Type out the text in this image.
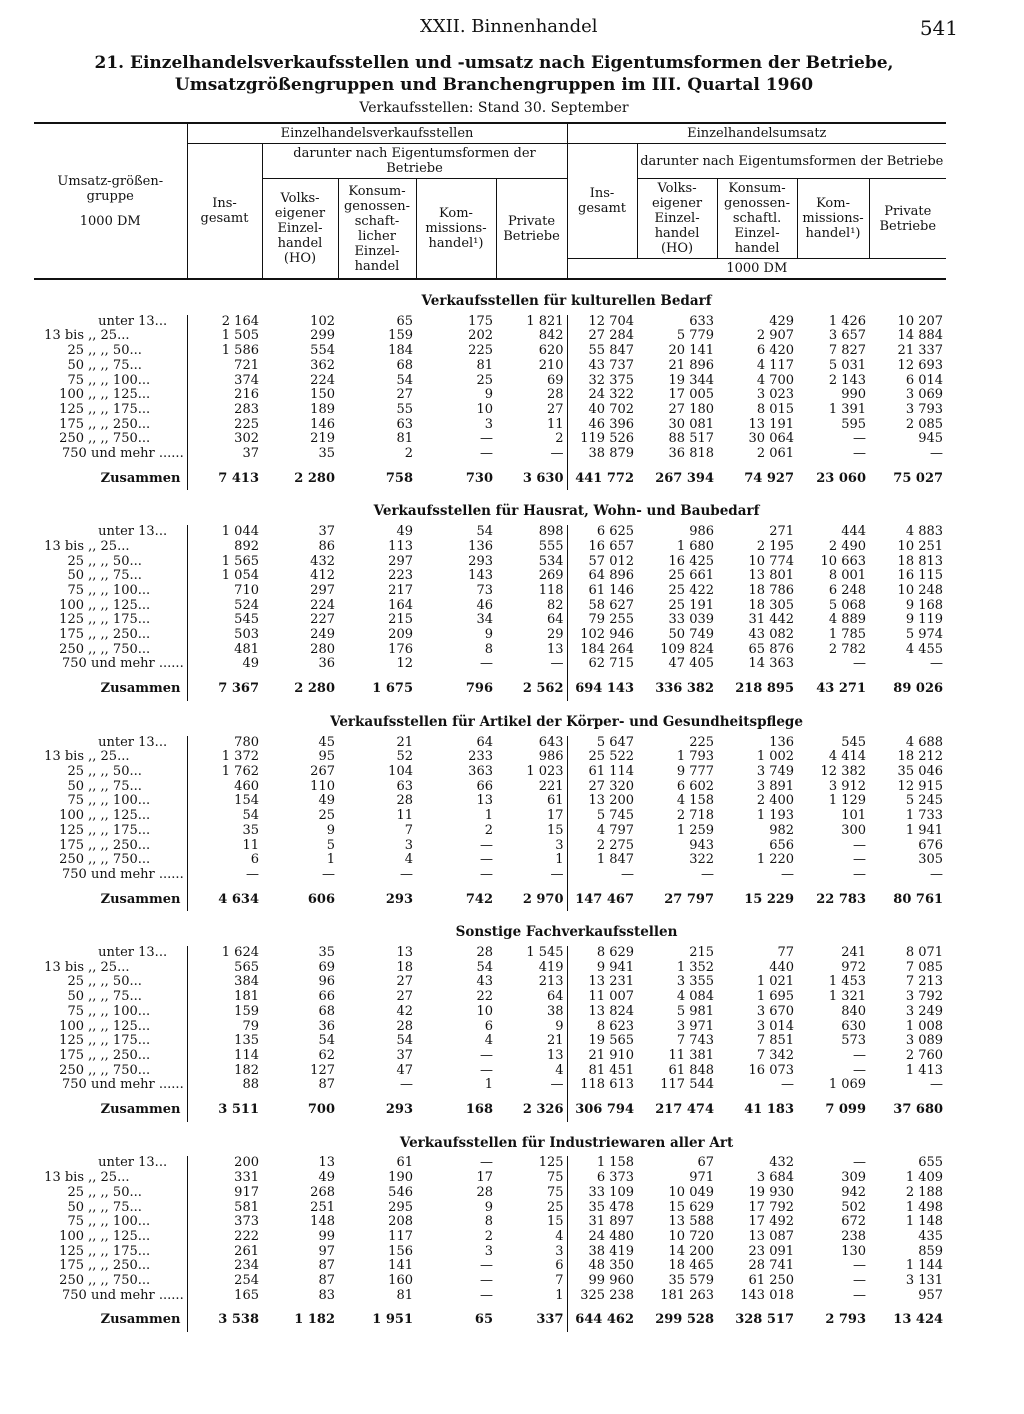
XXII. Binnenhandel	541
21. Einzelhandelsverkaufsstellen und -umsatz nach Eigentumsformen der Betriebe, Umsatzgrößengruppen und Branchengruppen im III. Quartal 1960
Verkaufsstellen: Stand 30. September
Umsatz-größen-gruppe
1000 DM	Einzelhandelsverkaufsstellen					Einzelhandelsumsatz				
	Ins-gesamt	darunter nach Eigentumsformen der Betriebe				Ins-gesamt	darunter nach Eigentumsformen der Betriebe			
		Volks-eigener Einzel-handel (HO)	Konsum-genossen-schaft-licher Einzel-handel	Kom-missions-handel¹)	Private Betriebe		Volks-eigener Einzel-handel (HO)	Konsum-genossen-schaftl. Einzel-handel	Kom-missions-handel¹)	Private Betriebe
						1000 DM				
	Verkaufsstellen für kulturellen Bedarf									
unter 13...	2 164	102	65	175	1 821	12 704	633	429	1 426	10 207
13 bis ,, 25...	1 505	299	159	202	842	27 284	5 779	2 907	3 657	14 884
25 ,, ,, 50...	1 586	554	184	225	620	55 847	20 141	6 420	7 827	21 337
50 ,, ,, 75...	721	362	68	81	210	43 737	21 896	4 117	5 031	12 693
75 ,, ,, 100...	374	224	54	25	69	32 375	19 344	4 700	2 143	6 014
100 ,, ,, 125...	216	150	27	9	28	24 322	17 005	3 023	990	3 069
125 ,, ,, 175...	283	189	55	10	27	40 702	27 180	8 015	1 391	3 793
175 ,, ,, 250...	225	146	63	3	11	46 396	30 081	13 191	595	2 085
250 ,, ,, 750...	302	219	81	—	2	119 526	88 517	30 064	—	945
750 und mehr ......	37	35	2	—	—	38 879	36 818	2 061	—	—
Zusammen	7 413	2 280	758	730	3 630	441 772	267 394	74 927	23 060	75 027
	Verkaufsstellen für Hausrat, Wohn- und Baubedarf									
unter 13...	1 044	37	49	54	898	6 625	986	271	444	4 883
13 bis ,, 25...	892	86	113	136	555	16 657	1 680	2 195	2 490	10 251
25 ,, ,, 50...	1 565	432	297	293	534	57 012	16 425	10 774	10 663	18 813
50 ,, ,, 75...	1 054	412	223	143	269	64 896	25 661	13 801	8 001	16 115
75 ,, ,, 100...	710	297	217	73	118	61 146	25 422	18 786	6 248	10 248
100 ,, ,, 125...	524	224	164	46	82	58 627	25 191	18 305	5 068	9 168
125 ,, ,, 175...	545	227	215	34	64	79 255	33 039	31 442	4 889	9 119
175 ,, ,, 250...	503	249	209	9	29	102 946	50 749	43 082	1 785	5 974
250 ,, ,, 750...	481	280	176	8	13	184 264	109 824	65 876	2 782	4 455
750 und mehr ......	49	36	12	—	—	62 715	47 405	14 363	—	—
Zusammen	7 367	2 280	1 675	796	2 562	694 143	336 382	218 895	43 271	89 026
	Verkaufsstellen für Artikel der Körper- und Gesundheitspflege									
unter 13...	780	45	21	64	643	5 647	225	136	545	4 688
13 bis ,, 25...	1 372	95	52	233	986	25 522	1 793	1 002	4 414	18 212
25 ,, ,, 50...	1 762	267	104	363	1 023	61 114	9 777	3 749	12 382	35 046
50 ,, ,, 75...	460	110	63	66	221	27 320	6 602	3 891	3 912	12 915
75 ,, ,, 100...	154	49	28	13	61	13 200	4 158	2 400	1 129	5 245
100 ,, ,, 125...	54	25	11	1	17	5 745	2 718	1 193	101	1 733
125 ,, ,, 175...	35	9	7	2	15	4 797	1 259	982	300	1 941
175 ,, ,, 250...	11	5	3	—	3	2 275	943	656	—	676
250 ,, ,, 750...	6	1	4	—	1	1 847	322	1 220	—	305
750 und mehr ......	—	—	—	—	—	—	—	—	—	—
Zusammen	4 634	606	293	742	2 970	147 467	27 797	15 229	22 783	80 761
	Sonstige Fachverkaufsstellen									
unter 13...	1 624	35	13	28	1 545	8 629	215	77	241	8 071
13 bis ,, 25...	565	69	18	54	419	9 941	1 352	440	972	7 085
25 ,, ,, 50...	384	96	27	43	213	13 231	3 355	1 021	1 453	7 213
50 ,, ,, 75...	181	66	27	22	64	11 007	4 084	1 695	1 321	3 792
75 ,, ,, 100...	159	68	42	10	38	13 824	5 981	3 670	840	3 249
100 ,, ,, 125...	79	36	28	6	9	8 623	3 971	3 014	630	1 008
125 ,, ,, 175...	135	54	54	4	21	19 565	7 743	7 851	573	3 089
175 ,, ,, 250...	114	62	37	—	13	21 910	11 381	7 342	—	2 760
250 ,, ,, 750...	182	127	47	—	4	81 451	61 848	16 073	—	1 413
750 und mehr ......	88	87	—	1	—	118 613	117 544	—	1 069	—
Zusammen	3 511	700	293	168	2 326	306 794	217 474	41 183	7 099	37 680
	Verkaufsstellen für Industriewaren aller Art									
unter 13...	200	13	61	—	125	1 158	67	432	—	655
13 bis ,, 25...	331	49	190	17	75	6 373	971	3 684	309	1 409
25 ,, ,, 50...	917	268	546	28	75	33 109	10 049	19 930	942	2 188
50 ,, ,, 75...	581	251	295	9	25	35 478	15 629	17 792	502	1 498
75 ,, ,, 100...	373	148	208	8	15	31 897	13 588	17 492	672	1 148
100 ,, ,, 125...	222	99	117	2	4	24 480	10 720	13 087	238	435
125 ,, ,, 175...	261	97	156	3	3	38 419	14 200	23 091	130	859
175 ,, ,, 250...	234	87	141	—	6	48 350	18 465	28 741	—	1 144
250 ,, ,, 750...	254	87	160	—	7	99 960	35 579	61 250	—	3 131
750 und mehr ......	165	83	81	—	1	325 238	181 263	143 018	—	957
Zusammen	3 538	1 182	1 951	65	337	644 462	299 528	328 517	2 793	13 424
